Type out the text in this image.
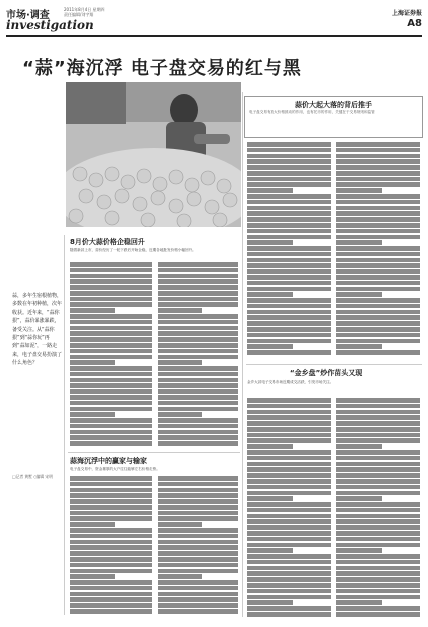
市场·调查
2011年8月4日 星期四
责任编辑/刘宇翔
investigation
上海证券报
A8
“蒜”海沉浮 电子盘交易的红与黑
蒜价大起大落的背后推手
电子盘交易有放大价格波动的作用，也有托市的作用，关键在于交易规则和监管
蒜，多年生宿根植物，多数在年初种植，次年收获。近年来，“蒜你狠”，蒜价暴涨暴跌，备受关注。从“蒜你狠”到“蒜你玩”再到“蒜如泥”，一路走来，电子盘交易扮演了什么角色？
□记者 黄墅 ○编辑 宋明
8月价大蒜价格企稳回升
随着新蒜上市，蒜价经历了一轮下跌后开始企稳，近期各地批发价格小幅回升。
蒜海沉浮中的赢家与输家
电子盘交易中，资金雄厚的大户往往能够左右价格走势。
“金乡盘”炒作苗头又现
金乡大蒜电子交易市场近期成交活跃，引发市场关注。
